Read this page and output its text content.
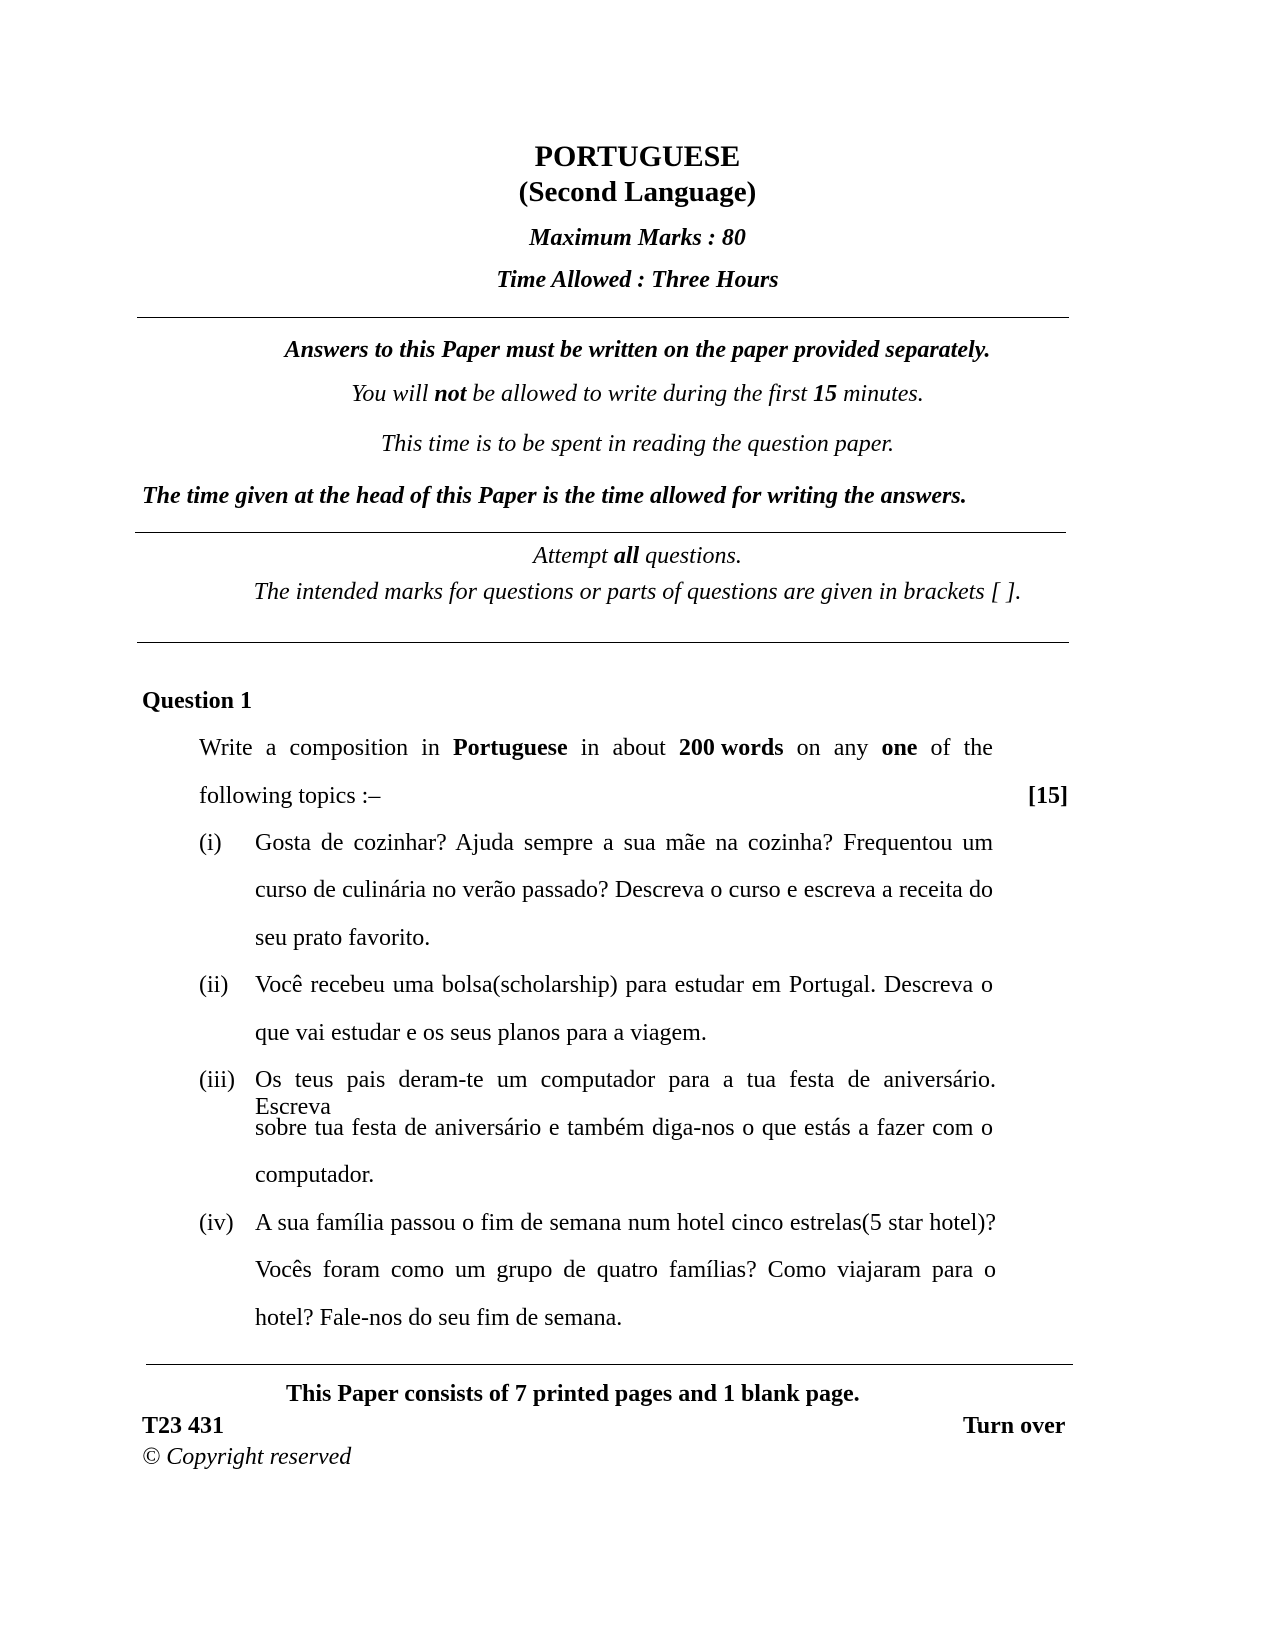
PORTUGUESE
(Second Language)
Maximum Marks : 80
Time Allowed : Three Hours
Answers to this Paper must be written on the paper provided separately.
You will not be allowed to write during the first 15 minutes.
This time is to be spent in reading the question paper.
The time given at the head of this Paper is the time allowed for writing the answers.
Attempt all questions.
The intended marks for questions or parts of questions are given in brackets [ ].
Question 1
Write a composition in Portuguese in about 200 words on any one of the
following topics :–	[15]
(i) Gosta de cozinhar? Ajuda sempre a sua mãe na cozinha? Frequentou um
curso de culinária no verão passado? Descreva o curso e escreva a receita do
seu prato favorito.
(ii) Você recebeu uma bolsa(scholarship) para estudar em Portugal. Descreva o
que vai estudar e os seus planos para a viagem.
(iii) Os teus pais deram-te um computador para a tua festa de aniversário. Escreva
sobre tua festa de aniversário e também diga-nos o que estás a fazer com o
computador.
(iv) A sua família passou o fim de semana num hotel cinco estrelas(5 star hotel)?
Vocês foram como um grupo de quatro famílias? Como viajaram para o
hotel? Fale-nos do seu fim de semana.
This Paper consists of 7 printed pages and 1 blank page.
T23 431	Turn over
© Copyright reserved
